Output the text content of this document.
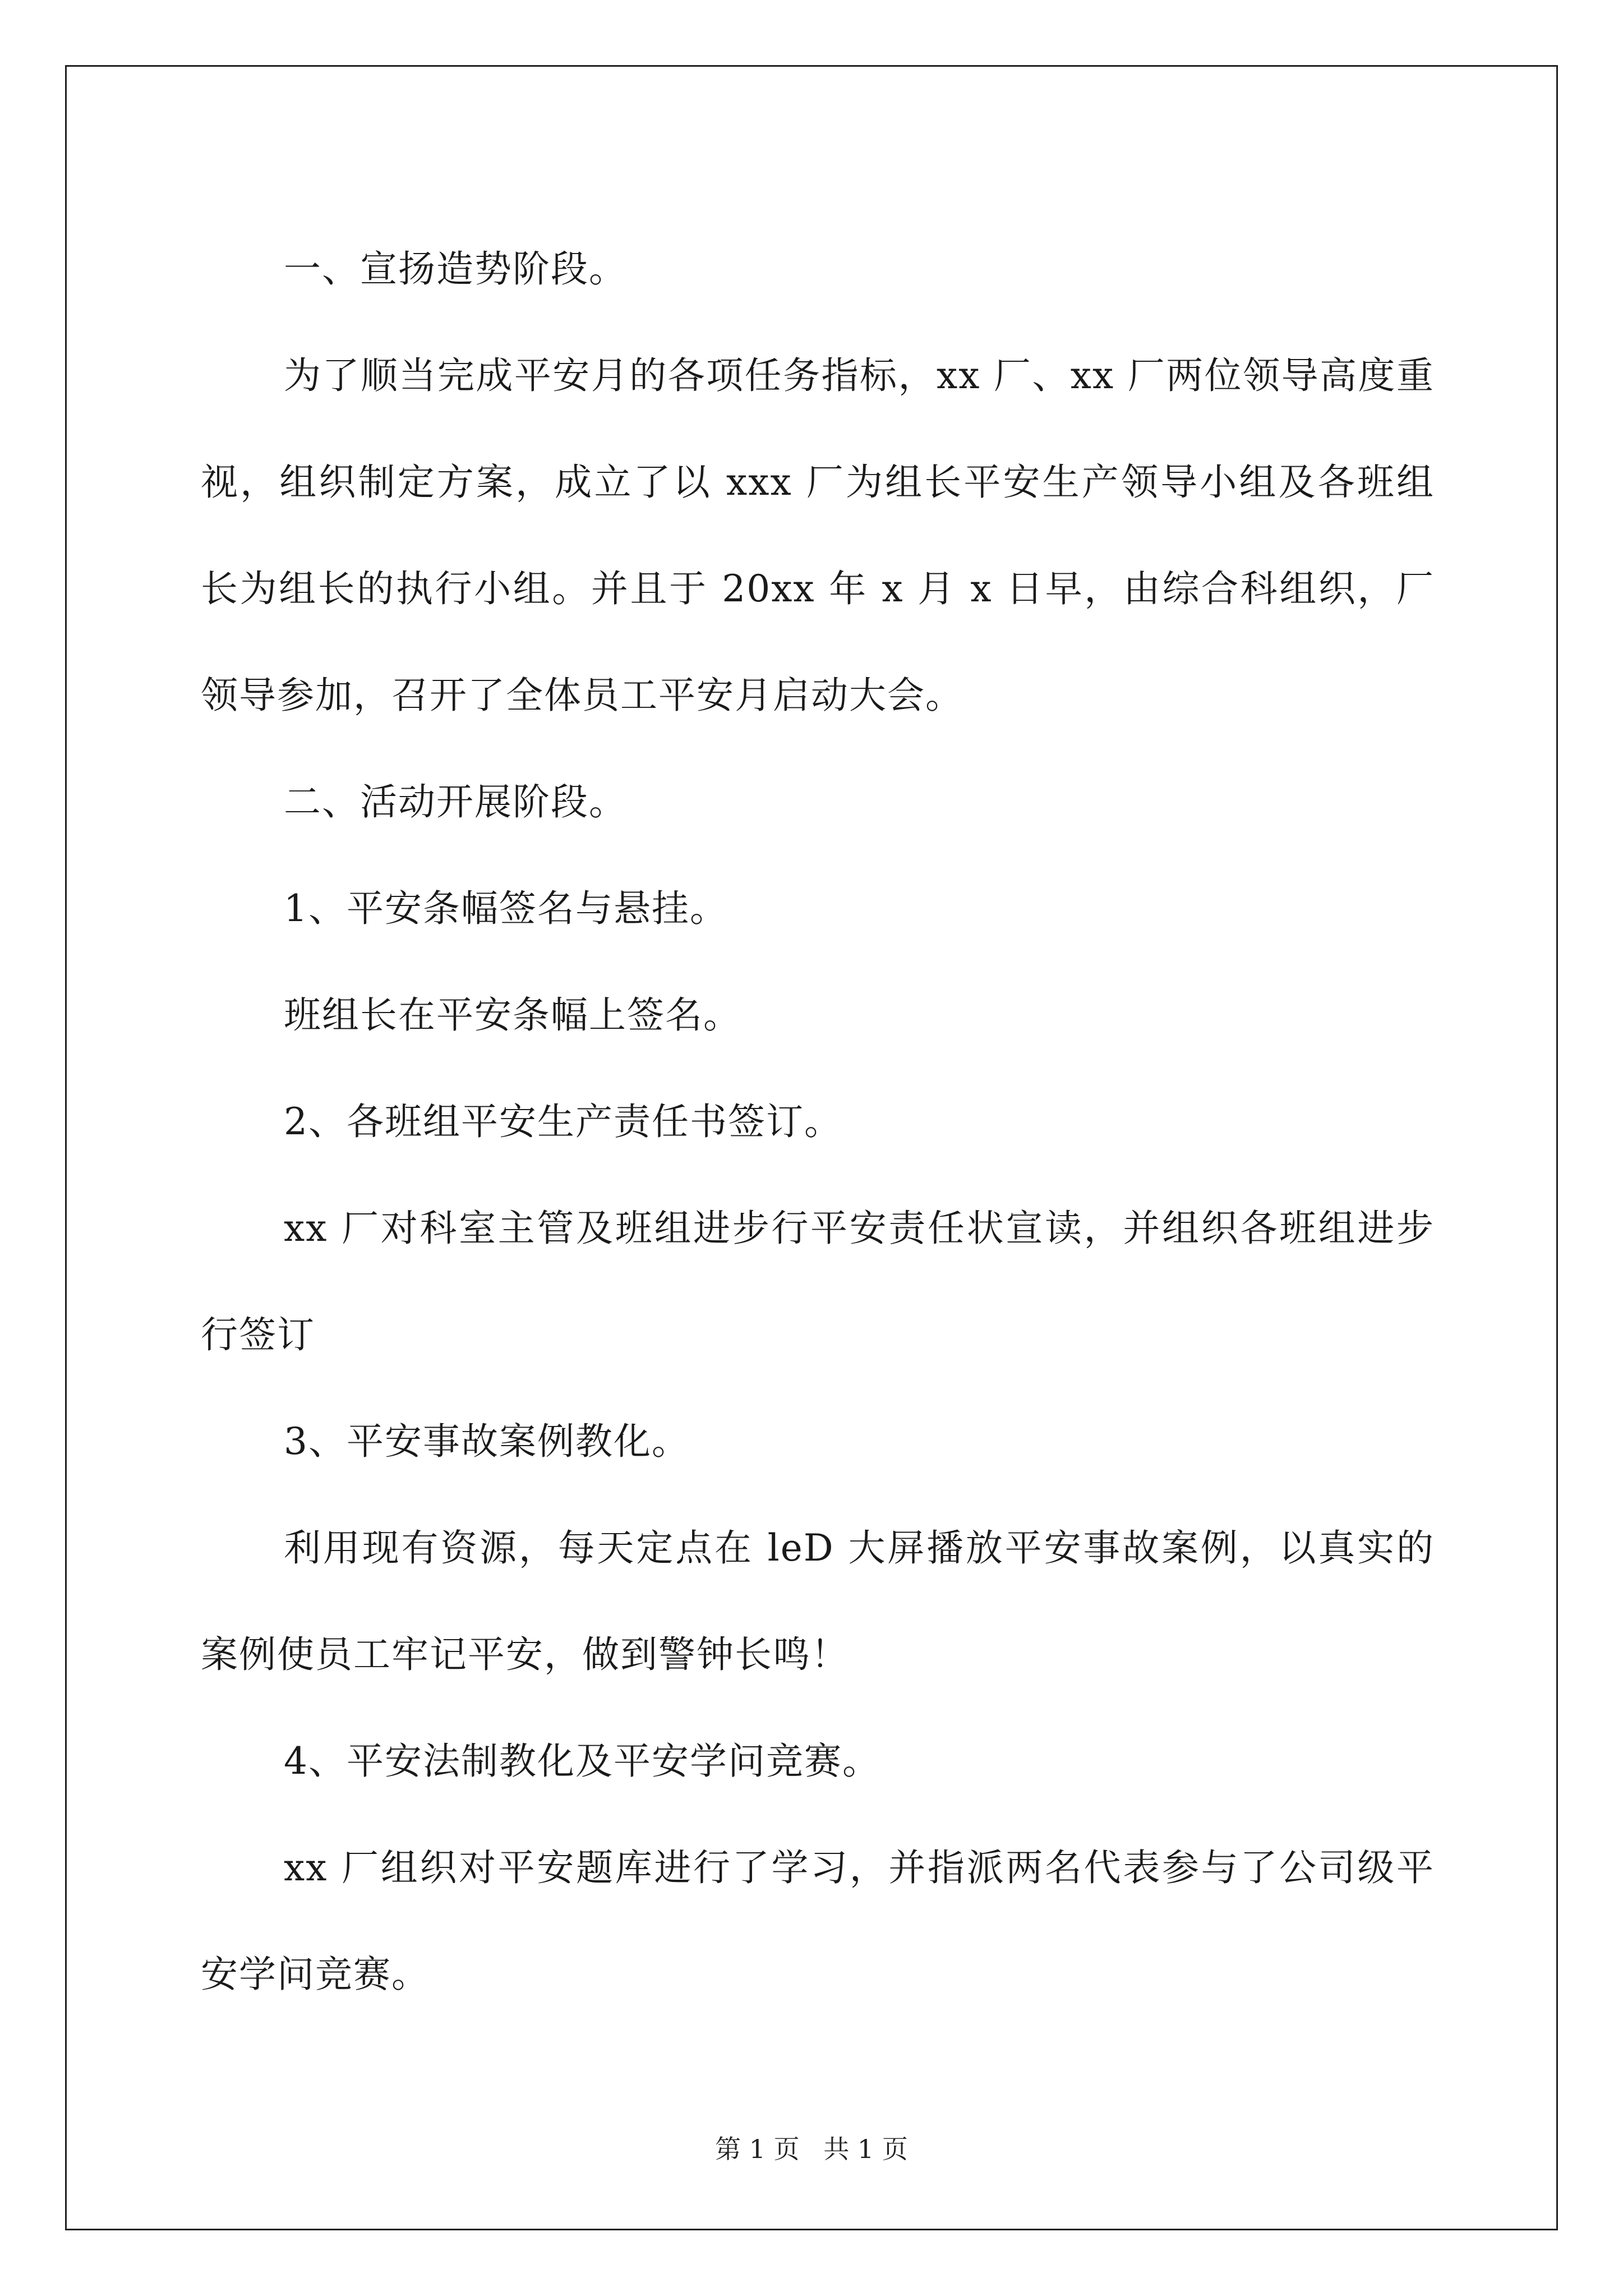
一、宣扬造势阶段。

为了顺当完成平安月的各项任务指标，xx 厂、xx 厂两位领导高度重视，组织制定方案，成立了以 xxx 厂为组长平安生产领导小组及各班组长为组长的执行小组。并且于 20xx 年 x 月 x 日早，由综合科组织，厂领导参加，召开了全体员工平安月启动大会。

二、活动开展阶段。

1、平安条幅签名与悬挂。

班组长在平安条幅上签名。

2、各班组平安生产责任书签订。

xx 厂对科室主管及班组进步行平安责任状宣读，并组织各班组进步行签订

3、平安事故案例教化。

利用现有资源，每天定点在 leD 大屏播放平安事故案例，以真实的案例使员工牢记平安，做到警钟长鸣！

4、平安法制教化及平安学问竞赛。

xx 厂组织对平安题库进行了学习，并指派两名代表参与了公司级平安学问竞赛。

第 1 页 共 1 页
